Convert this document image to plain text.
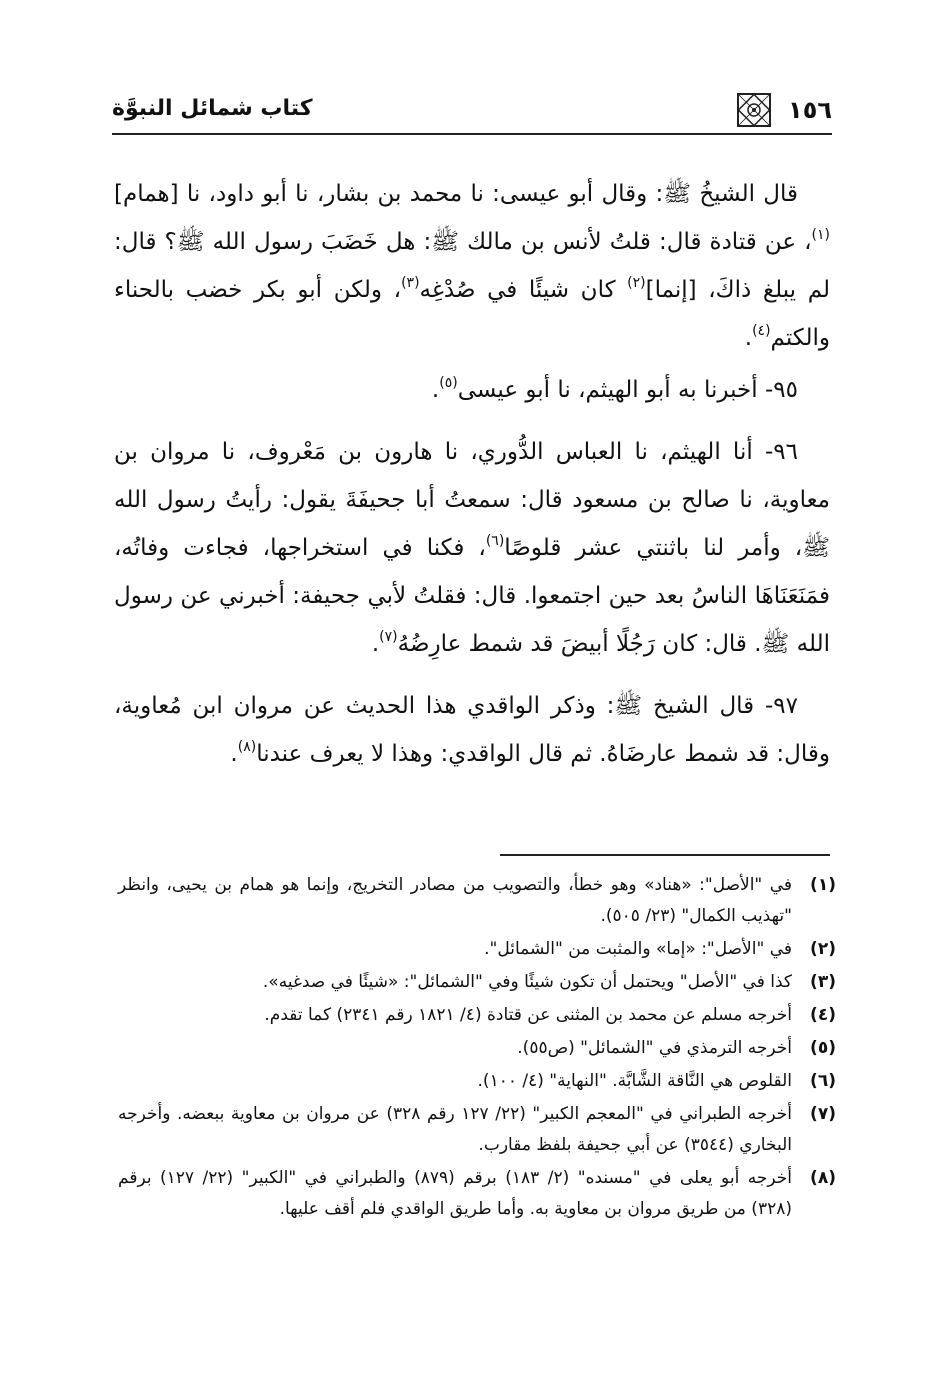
١٥٦
كتاب شمائل النبوَّة

قال الشيخُ ﷺ: وقال أبو عيسى: نا محمد بن بشار، نا أبو داود، نا [همام]$^{(١)}$، عن قتادة قال: قلتُ لأنس بن مالك ﷺ: هل خَضَبَ رسول الله ﷺ؟ قال: لم يبلغ ذاكَ، [إنما]$^{(٢)}$ كان شيئًا في صُدْغِه$^{(٣)}$، ولكن أبو بكر خضب بالحناء والكتم$^{(٤)}$.

٩٥- أخبرنا به أبو الهيثم، نا أبو عيسى$^{(٥)}$.

٩٦- أنا الهيثم، نا العباس الدُّوري، نا هارون بن مَعْروف، نا مروان بن معاوية، نا صالح بن مسعود قال: سمعتُ أبا جحيفَةَ يقول: رأيتُ رسول الله ﷺ، وأمر لنا باثنتي عشر قلوصًا$^{(٦)}$، فكنا في استخراجها، فجاءت وفاتُه، فمَنَعَنَاهَا الناسُ بعد حين اجتمعوا. قال: فقلتُ لأبي جحيفة: أخبرني عن رسول الله ﷺ. قال: كان رَجُلًا أبيضَ قد شمط عارِضُهُ$^{(٧)}$.

٩٧- قال الشيخ ﷺ: وذكر الواقدي هذا الحديث عن مروان ابن مُعاوية، وقال: قد شمط عارضَاهُ. ثم قال الواقدي: وهذا لا يعرف عندنا$^{(٨)}$.

(١)
في "الأصل": «هناد» وهو خطأ، والتصويب من مصادر التخريج، وإنما هو همام بن يحيى، وانظر "تهذيب الكمال" (٢٣/ ٥٠٥).
(٢)
في "الأصل": «إما» والمثبت من "الشمائل".
(٣)
كذا في "الأصل" ويحتمل أن تكون شيئًا وفي "الشمائل": «شيئًا في صدغيه».
(٤)
أخرجه مسلم عن محمد بن المثنى عن قتادة (٤/ ١٨٢١ رقم ٢٣٤١) كما تقدم.
(٥)
أخرجه الترمذي في "الشمائل" (ص٥٥).
(٦)
القلوص هي النَّاقة الشَّابَّة. "النهاية" (٤/ ١٠٠).
(٧)
أخرجه الطبراني في "المعجم الكبير" (٢٢/ ١٢٧ رقم ٣٢٨) عن مروان بن معاوية ببعضه. وأخرجه البخاري (٣٥٤٤) عن أبي جحيفة بلفظ مقارب.
(٨)
أخرجه أبو يعلى في "مسنده" (٢/ ١٨٣) برقم (٨٧٩) والطبراني في "الكبير" (٢٢/ ١٢٧) برقم (٣٢٨) من طريق مروان بن معاوية به. وأما طريق الواقدي فلم أقف عليها.
